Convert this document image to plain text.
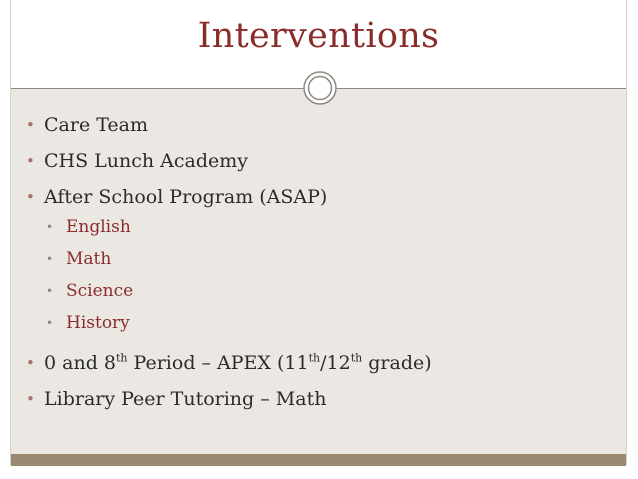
Interventions
• Care Team
• CHS Lunch Academy
• After School Program (ASAP)
• English
• Math
• Science
• History
• 0 and 8th Period – APEX (11th/12th grade)
• Library Peer Tutoring – Math
